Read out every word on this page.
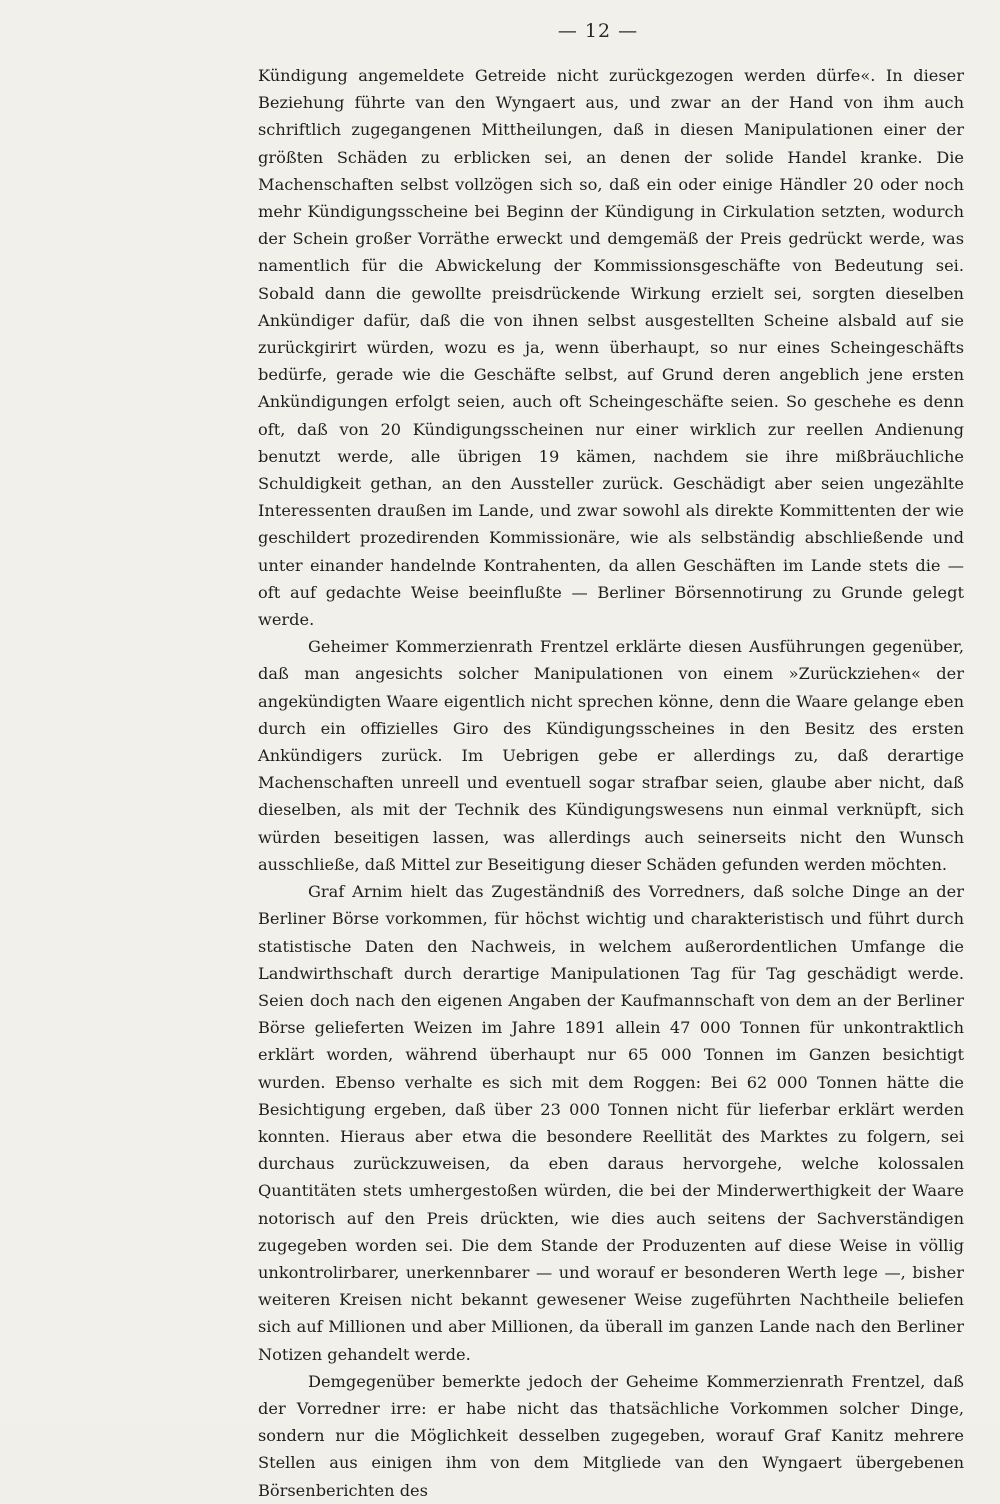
— 12 —

Kündigung angemeldete Getreide nicht zurückgezogen werden dürfe«. In dieser Beziehung führte van den Wyngaert aus, und zwar an der Hand von ihm auch schriftlich zugegangenen Mittheilungen, daß in diesen Manipulationen einer der größten Schäden zu erblicken sei, an denen der solide Handel kranke. Die Machenschaften selbst vollzögen sich so, daß ein oder einige Händler 20 oder noch mehr Kündigungsscheine bei Beginn der Kündigung in Cirkulation setzten, wodurch der Schein großer Vorräthe erweckt und demgemäß der Preis gedrückt werde, was namentlich für die Abwickelung der Kommissionsgeschäfte von Bedeutung sei. Sobald dann die gewollte preisdrückende Wirkung erzielt sei, sorgten dieselben Ankündiger dafür, daß die von ihnen selbst ausgestellten Scheine alsbald auf sie zurückgirirt würden, wozu es ja, wenn überhaupt, so nur eines Scheingeschäfts bedürfe, gerade wie die Geschäfte selbst, auf Grund deren angeblich jene ersten Ankündigungen erfolgt seien, auch oft Scheingeschäfte seien. So geschehe es denn oft, daß von 20 Kündigungsscheinen nur einer wirklich zur reellen Andienung benutzt werde, alle übrigen 19 kämen, nachdem sie ihre mißbräuchliche Schuldigkeit gethan, an den Aussteller zurück. Geschädigt aber seien ungezählte Interessenten draußen im Lande, und zwar sowohl als direkte Kommittenten der wie geschildert prozedirenden Kommissionäre, wie als selbständig abschließende und unter einander handelnde Kontrahenten, da allen Geschäften im Lande stets die — oft auf gedachte Weise beeinflußte — Berliner Börsennotirung zu Grunde gelegt werde.

Geheimer Kommerzienrath Frentzel erklärte diesen Ausführungen gegenüber, daß man angesichts solcher Manipulationen von einem »Zurückziehen« der angekündigten Waare eigentlich nicht sprechen könne, denn die Waare gelange eben durch ein offizielles Giro des Kündigungsscheines in den Besitz des ersten Ankündigers zurück. Im Uebrigen gebe er allerdings zu, daß derartige Machenschaften unreell und eventuell sogar strafbar seien, glaube aber nicht, daß dieselben, als mit der Technik des Kündigungswesens nun einmal verknüpft, sich würden beseitigen lassen, was allerdings auch seinerseits nicht den Wunsch ausschließe, daß Mittel zur Beseitigung dieser Schäden gefunden werden möchten.

Graf Arnim hielt das Zugeständniß des Vorredners, daß solche Dinge an der Berliner Börse vorkommen, für höchst wichtig und charakteristisch und führt durch statistische Daten den Nachweis, in welchem außerordentlichen Umfange die Landwirthschaft durch derartige Manipulationen Tag für Tag geschädigt werde. Seien doch nach den eigenen Angaben der Kaufmannschaft von dem an der Berliner Börse gelieferten Weizen im Jahre 1891 allein 47 000 Tonnen für unkontraktlich erklärt worden, während überhaupt nur 65 000 Tonnen im Ganzen besichtigt wurden. Ebenso verhalte es sich mit dem Roggen: Bei 62 000 Tonnen hätte die Besichtigung ergeben, daß über 23 000 Tonnen nicht für lieferbar erklärt werden konnten. Hieraus aber etwa die besondere Reellität des Marktes zu folgern, sei durchaus zurückzuweisen, da eben daraus hervorgehe, welche kolossalen Quantitäten stets umhergestoßen würden, die bei der Minderwerthigkeit der Waare notorisch auf den Preis drückten, wie dies auch seitens der Sachverständigen zugegeben worden sei. Die dem Stande der Produzenten auf diese Weise in völlig unkontrolirbarer, unerkennbarer — und worauf er besonderen Werth lege —, bisher weiteren Kreisen nicht bekannt gewesener Weise zugeführten Nachtheile beliefen sich auf Millionen und aber Millionen, da überall im ganzen Lande nach den Berliner Notizen gehandelt werde.

Demgegenüber bemerkte jedoch der Geheime Kommerzienrath Frentzel, daß der Vorredner irre: er habe nicht das thatsächliche Vorkommen solcher Dinge, sondern nur die Möglichkeit desselben zugegeben, worauf Graf Kanitz mehrere Stellen aus einigen ihm von dem Mitgliede van den Wyngaert übergebenen Börsenberichten des
